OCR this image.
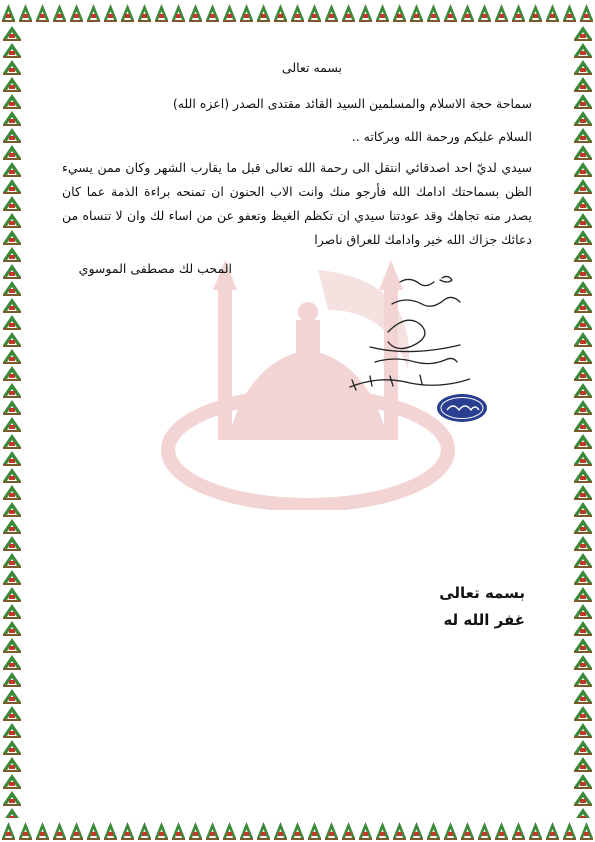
بسمه تعالى
سماحة حجة الاسلام والمسلمين السيد القائد مقتدى الصدر (اعزه الله)
السلام عليكم ورحمة الله وبركاته ..
سيدي لديّ احد اصدقائي انتقل الى رحمة الله تعالى قبل ما يقارب الشهر وكان ممن يسيء الظن بسماحتك ادامك الله فأرجو منك وانت الاب الحنون ان تمنحه براءة الذمة عما كان يصدر منه تجاهك وقد عودتنا سيدي ان تكظم الغيظ وتعفو عن من اساء لك وان لا تنساه من دعائك جزاك الله خير وادامك للعراق ناصرا
المحب لك مصطفى الموسوي
بسمه تعالى
غفر الله له
